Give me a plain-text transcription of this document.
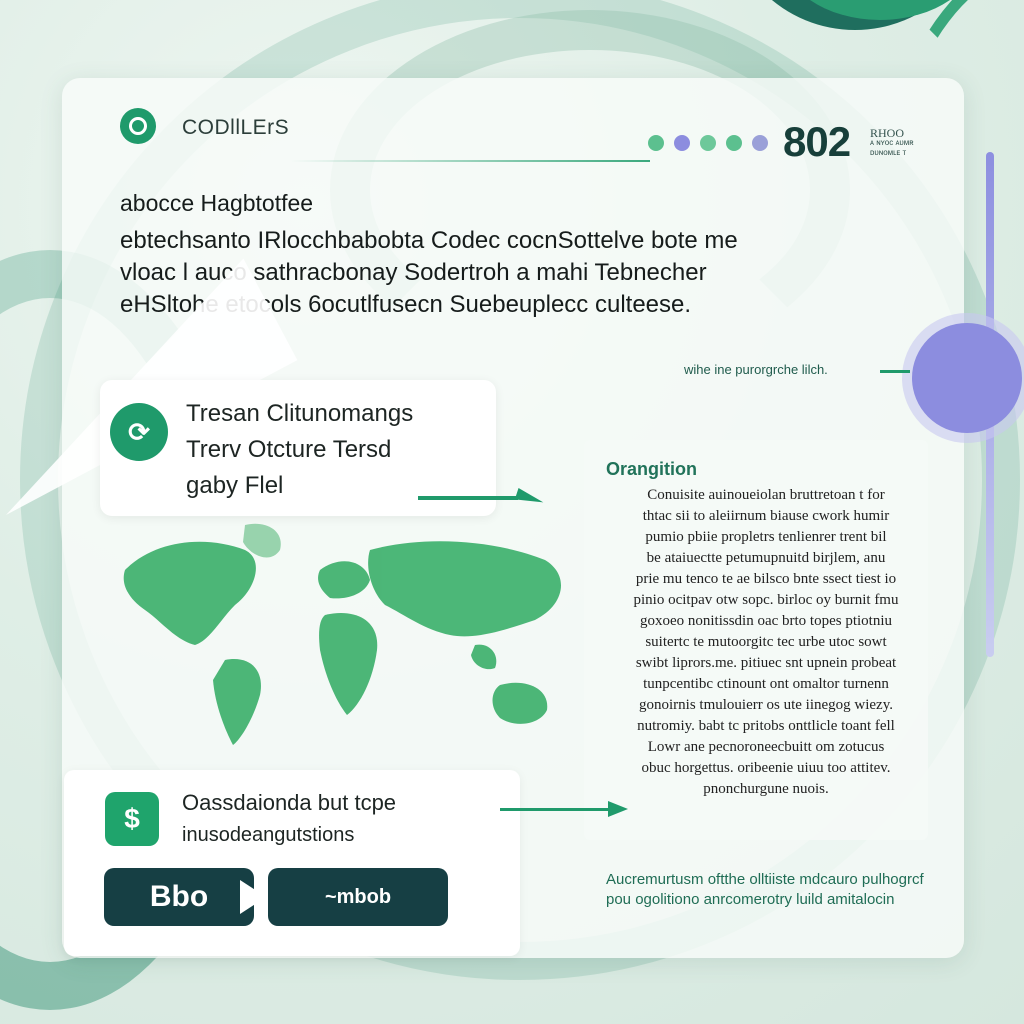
CODllLErS	802 RHOO
ᴀ ɴʏᴏᴄ ᴀᴜᴍʀ
ᴅᴜɴᴏᴍʟᴇ ᴛ
abocce Hagbtotfee
ebtechsanto IRlocchbabobta Codec cocnSottelve bote me
vloac l auco sathracbonay Sodertroh a mahi Tebnecher
eHSltohe etocols 6ocutlfusecn Suebeuplecc culteese.
wihe ine purorgrche lilch.
⟳
Tresan Clitunomangs
Trerv Otcture Tersd
gaby Flel
Orangition
Conuisite auinoueiolan bruttretoan t for
thtac sii to aleiirnum biause cwork humir
pumio pbiie propletrs tenlienrer trent bil
be ataiuectte petumupnuitd birjlem, anu
prie mu tenco te ae bilsco bnte ssect tiest io
pinio ocitpav otw sopc. birloc oy burnit fmu
goxoeo nonitissdin oac brto topes ptiotniu
suitertc te mutoorgitc tec urbe utoc sowt
swibt liprors.me. pitiuec snt upnein probeat
tunpcentibc ctinount ont omaltor turnenn
gonoirnis tmulouierr os ute iinegog wiezy.
nutromiy. babt tc pritobs onttlicle toant fell
Lowr ane pecnoroneecbuitt om zotucus
obuc horgettus. oribeenie uiuu too attitev.
pnonchurgune nuois.
Aucremurtusm oftthe olltiiste mdcauro pulhogrcf pou ogolitiono anrcomerotry luild amitalocin
$
Oassdaionda but tcpe
inusodeangutstions
Bbo	~mbob
